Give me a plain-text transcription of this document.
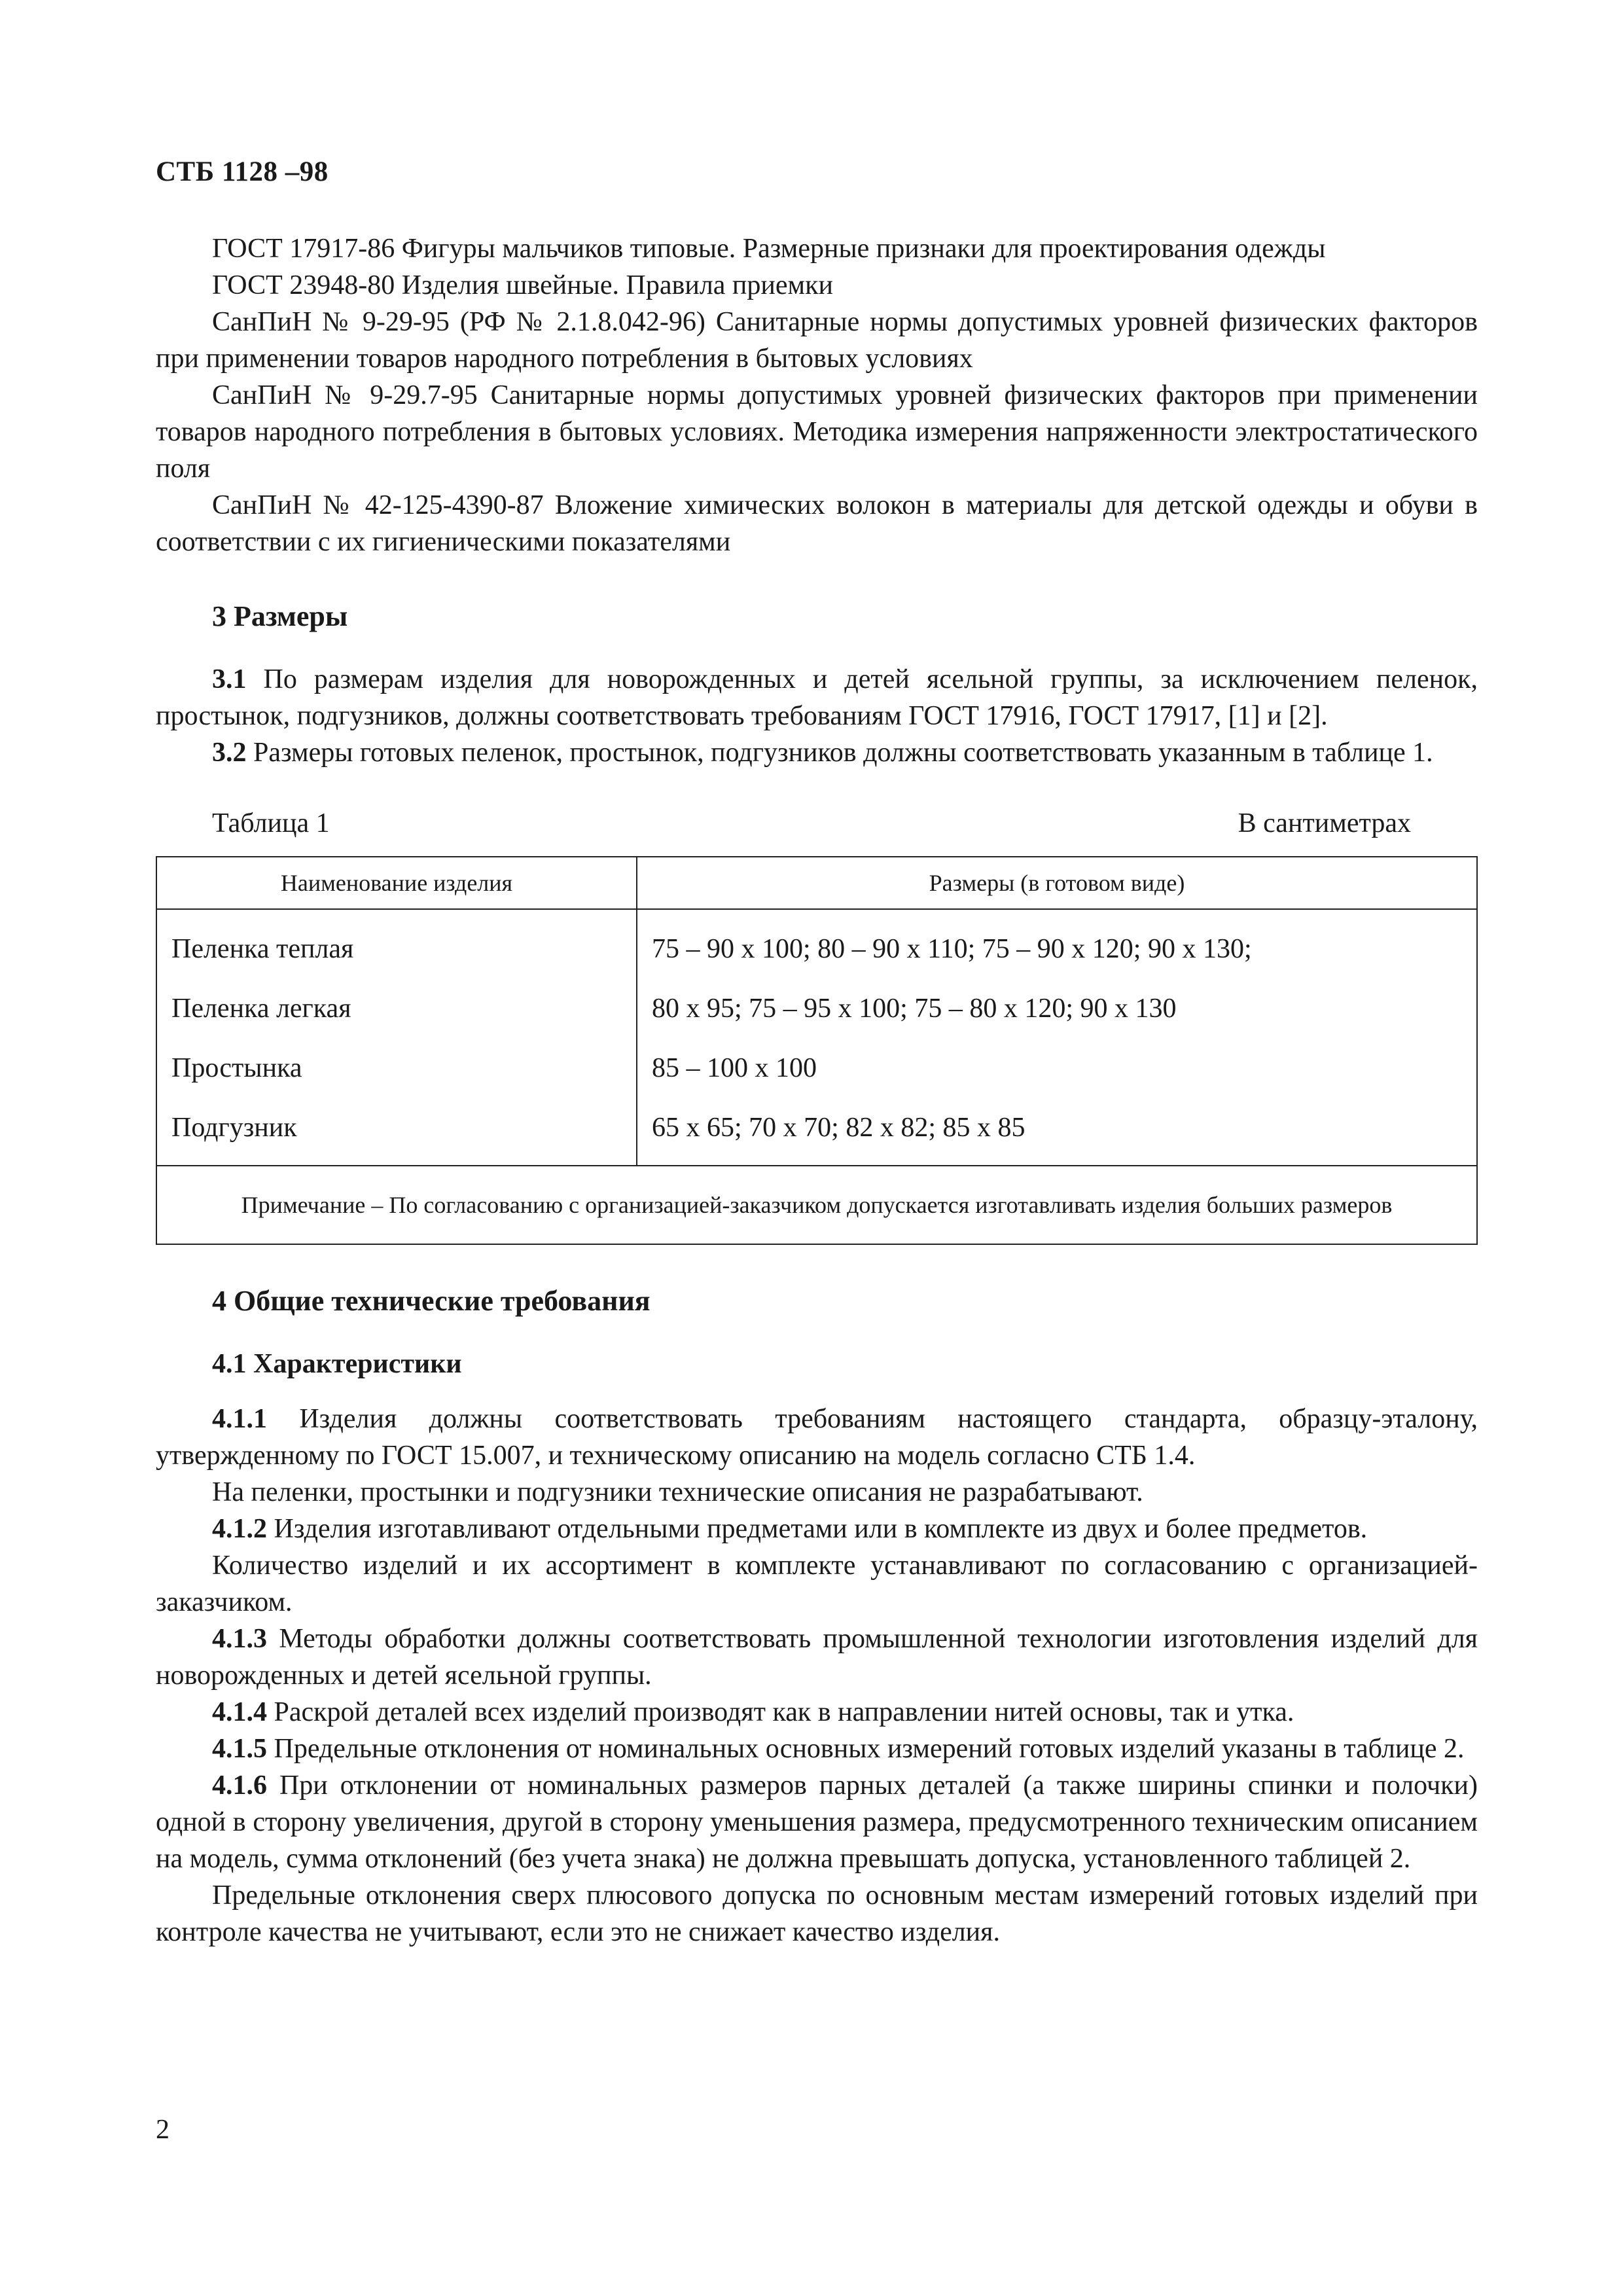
СТБ 1128 –98

ГОСТ 17917-86 Фигуры мальчиков типовые. Размерные признаки для проектирования одежды

ГОСТ 23948-80 Изделия швейные. Правила приемки

СанПиН № 9-29-95 (РФ № 2.1.8.042-96) Санитарные нормы допустимых уровней физических факторов при применении товаров народного потребления в бытовых условиях

СанПиН № 9-29.7-95 Санитарные нормы допустимых уровней физических факторов при применении товаров народного потребления в бытовых условиях. Методика измерения напряженности электростатического поля

СанПиН № 42-125-4390-87 Вложение химических волокон в материалы для детской одежды и обуви в соответствии с их гигиеническими показателями

3 Размеры

3.1 По размерам изделия для новорожденных и детей ясельной группы, за исключением пеленок, простынок, подгузников, должны соответствовать требованиям ГОСТ 17916, ГОСТ 17917, [1] и [2].

3.2 Размеры готовых пеленок, простынок, подгузников должны соответствовать указанным в таблице 1.

Таблица 1	В сантиметрах
Наименование изделия	Размеры (в готовом виде)
Пеленка теплая	75 – 90 х 100; 80 – 90 х 110; 75 – 90 х 120; 90 х 130;
Пеленка легкая	80 х 95; 75 – 95 х 100; 75 – 80 х 120; 90 х 130
Простынка	85 – 100 х 100
Подгузник	65 х 65; 70 х 70; 82 х 82; 85 х 85
Примечание – По согласованию с организацией-заказчиком допускается изготавливать изделия больших размеров	
4 Общие технические требования
4.1 Характеристики

4.1.1 Изделия должны соответствовать требованиям настоящего стандарта, образцу-эталону, утвержденному по ГОСТ 15.007, и техническому описанию на модель согласно СТБ 1.4.

На пеленки, простынки и подгузники технические описания не разрабатывают.

4.1.2 Изделия изготавливают отдельными предметами или в комплекте из двух и более предметов.

Количество изделий и их ассортимент в комплекте устанавливают по согласованию с организацией-заказчиком.

4.1.3 Методы обработки должны соответствовать промышленной технологии изготовления изделий для новорожденных и детей ясельной группы.

4.1.4 Раскрой деталей всех изделий производят как в направлении нитей основы, так и утка.

4.1.5 Предельные отклонения от номинальных основных измерений готовых изделий указаны в таблице 2.

4.1.6 При отклонении от номинальных размеров парных деталей (а также ширины спинки и полочки) одной в сторону увеличения, другой в сторону уменьшения размера, предусмотренного техническим описанием на модель, сумма отклонений (без учета знака) не должна превышать допуска, установленного таблицей 2.

Предельные отклонения сверх плюсового допуска по основным местам измерений готовых изделий при контроле качества не учитывают, если это не снижает качество изделия.

2
